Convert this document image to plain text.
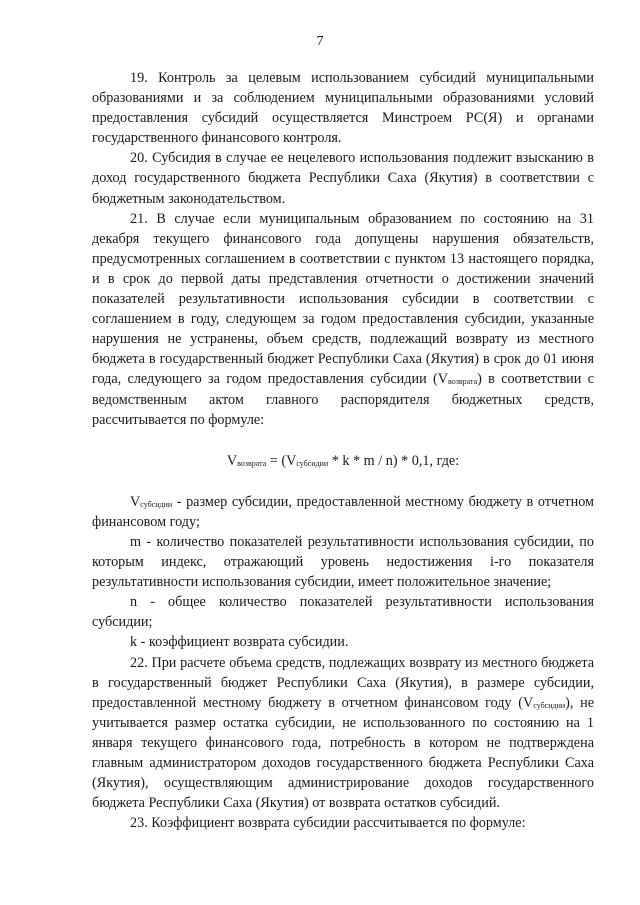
7

19. Контроль за целевым использованием субсидий муниципальными образованиями и за соблюдением муниципальными образованиями условий предоставления субсидий осуществляется Минстроем РС(Я) и органами государственного финансового контроля.

20. Субсидия в случае ее нецелевого использования подлежит взысканию в доход государственного бюджета Республики Саха (Якутия) в соответствии с бюджетным законодательством.

21. В случае если муниципальным образованием по состоянию на 31 декабря текущего финансового года допущены нарушения обязательств, предусмотренных соглашением в соответствии с пунктом 13 настоящего порядка, и в срок до первой даты представления отчетности о достижении значений показателей результативности использования субсидии в соответствии с соглашением в году, следующем за годом предоставления субсидии, указанные нарушения не устранены, объем средств, подлежащий возврату из местного бюджета в государственный бюджет Республики Саха (Якутия) в срок до 01 июня года, следующего за годом предоставления субсидии $(V_{возврата})$ в соответствии с ведомственным актом главного распорядителя бюджетных средств, рассчитывается по формуле:

$V_{возврата} = (V_{субсидии} * k * m / n) * 0,1$, где:

$V_{субсидии}$ - размер субсидии, предоставленной местному бюджету в отчетном финансовом году;

m - количество показателей результативности использования субсидии, по которым индекс, отражающий уровень недостижения i-го показателя результативности использования субсидии, имеет положительное значение;

n - общее количество показателей результативности использования субсидии;

k - коэффициент возврата субсидии.

22. При расчете объема средств, подлежащих возврату из местного бюджета в государственный бюджет Республики Саха (Якутия), в размере субсидии, предоставленной местному бюджету в отчетном финансовом году $(V_{субсидии})$, не учитывается размер остатка субсидии, не использованного по состоянию на 1 января текущего финансового года, потребность в котором не подтверждена главным администратором доходов государственного бюджета Республики Саха (Якутия), осуществляющим администрирование доходов государственного бюджета Республики Саха (Якутия) от возврата остатков субсидий.

23. Коэффициент возврата субсидии рассчитывается по формуле:
